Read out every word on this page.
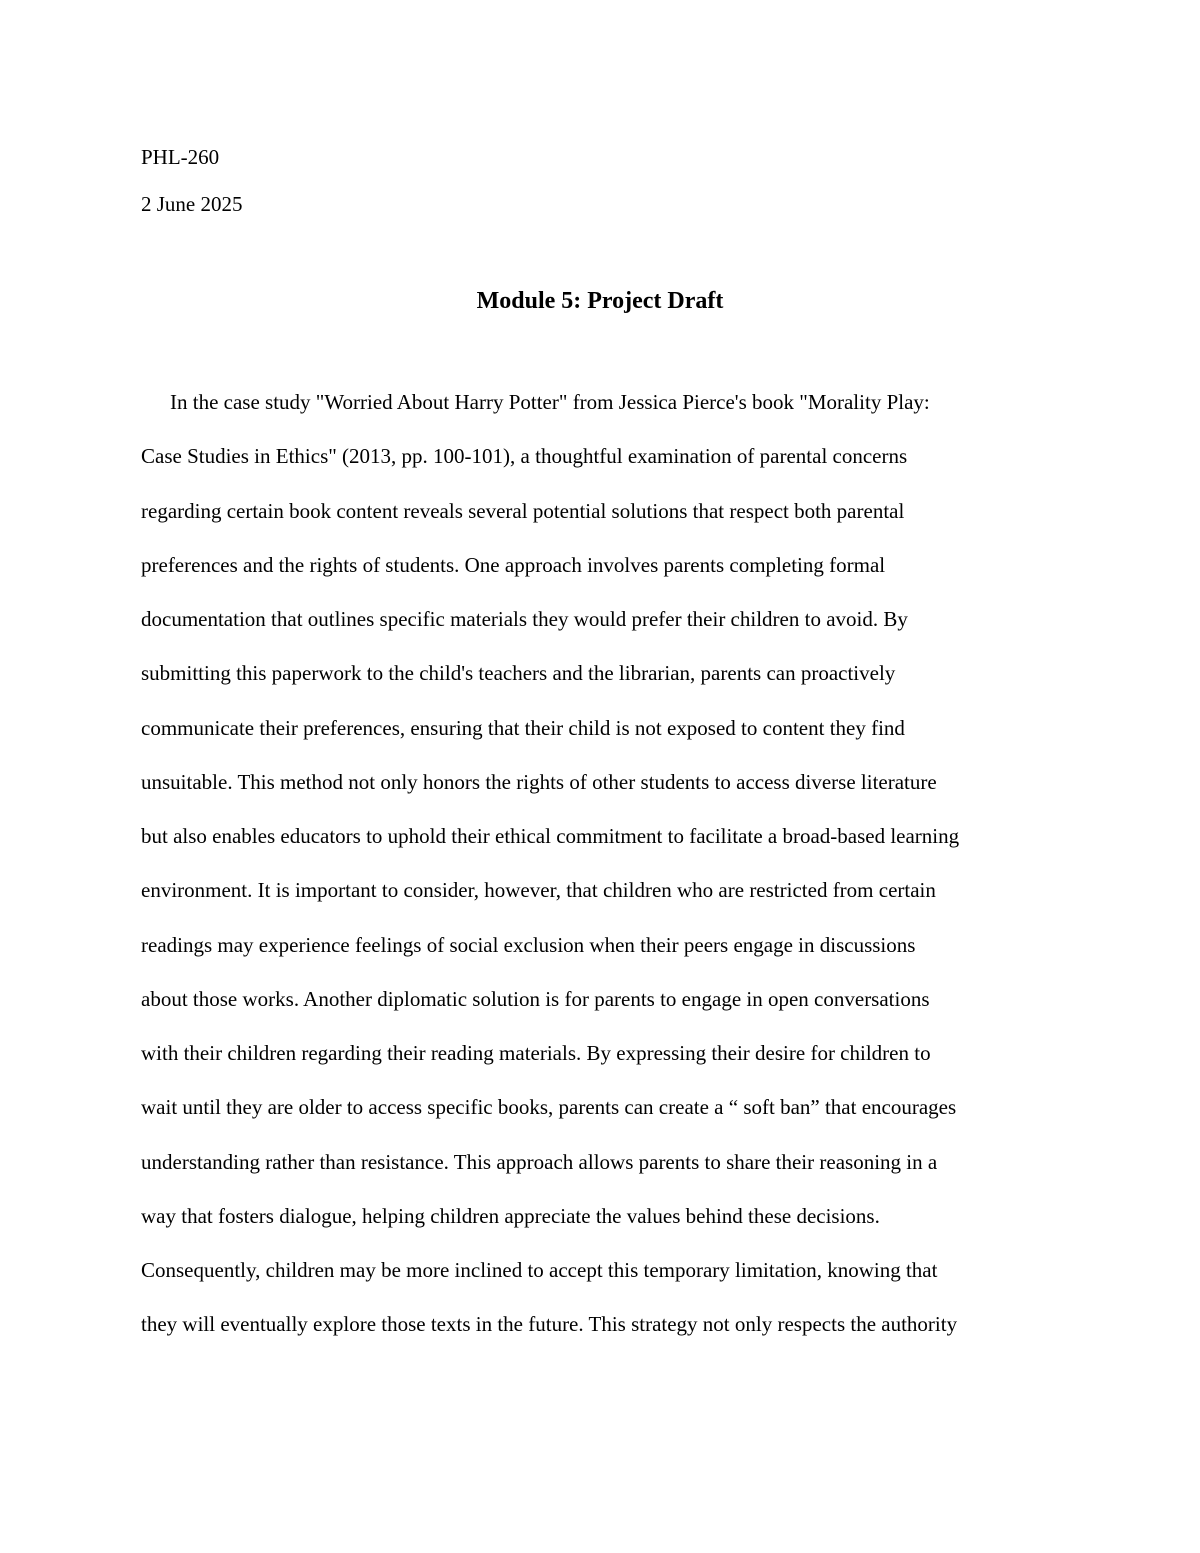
PHL-260
2 June 2025
Module 5: Project Draft
In the case study "Worried About Harry Potter" from Jessica Pierce's book "Morality Play:
Case Studies in Ethics" (2013, pp. 100-101), a thoughtful examination of parental concerns
regarding certain book content reveals several potential solutions that respect both parental
preferences and the rights of students. One approach involves parents completing formal
documentation that outlines specific materials they would prefer their children to avoid. By
submitting this paperwork to the child's teachers and the librarian, parents can proactively
communicate their preferences, ensuring that their child is not exposed to content they find
unsuitable. This method not only honors the rights of other students to access diverse literature
but also enables educators to uphold their ethical commitment to facilitate a broad-based learning
environment. It is important to consider, however, that children who are restricted from certain
readings may experience feelings of social exclusion when their peers engage in discussions
about those works. Another diplomatic solution is for parents to engage in open conversations
with their children regarding their reading materials. By expressing their desire for children to
wait until they are older to access specific books, parents can create a “ soft ban” that encourages
understanding rather than resistance. This approach allows parents to share their reasoning in a
way that fosters dialogue, helping children appreciate the values behind these decisions.
Consequently, children may be more inclined to accept this temporary limitation, knowing that
they will eventually explore those texts in the future. This strategy not only respects the authority
